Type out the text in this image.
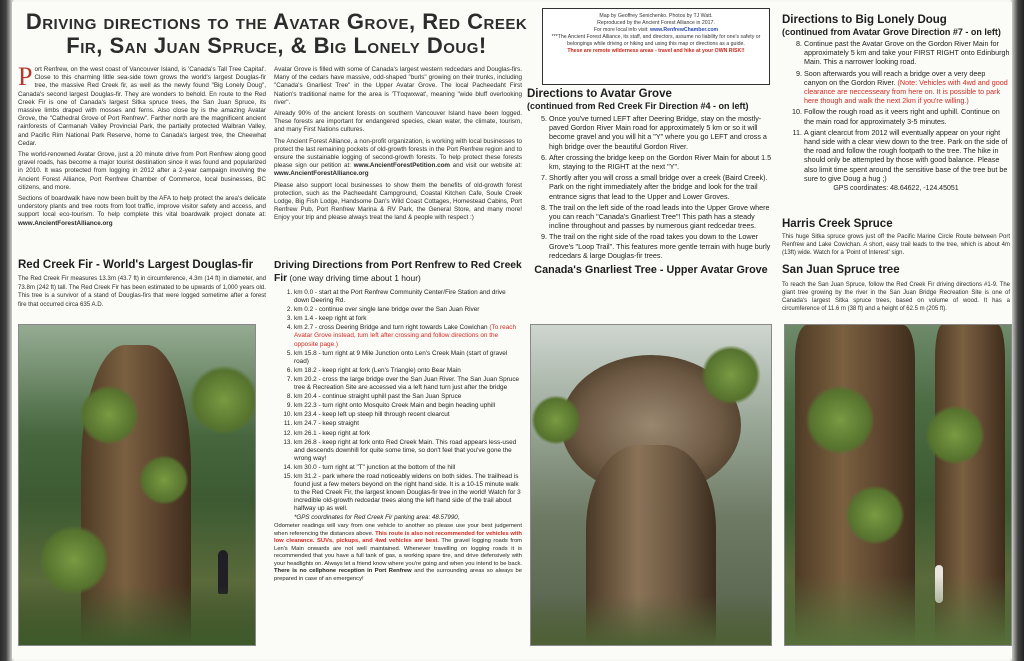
Driving directions to the Avatar Grove, Red Creek Fir, San Juan Spruce, & Big Lonely Doug!

Port Renfrew, on the west coast of Vancouver Island, is 'Canada's Tall Tree Capital'. Close to this charming little sea-side town grows the world's largest Douglas-fir tree, the massive Red Creek fir, as well as the newly found "Big Lonely Doug", Canada's second largest Douglas-fir. They are wonders to behold. En route to the Red Creek Fir is one of Canada's largest Sitka spruce trees, the San Juan Spruce, its massive limbs draped with mosses and ferns. Also close by is the amazing Avatar Grove, the "Cathedral Grove of Port Renfrew". Farther north are the magnificent ancient rainforests of Carmanah Valley Provincial Park, the partially protected Walbran Valley, and Pacific Rim National Park Reserve, home to Canada's largest tree, the Cheewhat Cedar.

The world-renowned Avatar Grove, just a 20 minute drive from Port Renfrew along good gravel roads, has become a major tourist destination since it was found and popularized in 2010. It was protected from logging in 2012 after a 2-year campaign involving the Ancient Forest Alliance, Port Renfrew Chamber of Commerce, local businesses, BC citizens, and more.

Sections of boardwalk have now been built by the AFA to help protect the area's delicate understory plants and tree roots from foot traffic, improve visitor safety and access, and support local eco-tourism. To help complete this vital boardwalk project donate at: www.AncientForestAlliance.org

Red Creek Fir - World's Largest Douglas-fir
The Red Creek Fir measures 13.3m (43.7 ft) in circumference, 4.3m (14 ft) in diameter, and 73.8m (242 ft) tall. The Red Creek Fir has been estimated to be upwards of 1,000 years old. This tree is a survivor of a stand of Douglas-firs that were logged sometime after a forest fire that occurred circa 635 A.D.

Avatar Grove is filled with some of Canada's largest western redcedars and Douglas-firs. Many of the cedars have massive, odd-shaped "burls" growing on their trunks, including "Canada's Gnarliest Tree" in the Upper Avatar Grove. The local Pacheedaht First Nation's traditional name for the area is 'T'l'oqwxwat', meaning "wide bluff overlooking river".

Already 90% of the ancient forests on southern Vancouver Island have been logged. These forests are important for endangered species, clean water, the climate, tourism, and many First Nations cultures.

The Ancient Forest Alliance, a non-profit organization, is working with local businesses to protect the last remaining pockets of old-growth forests in the Port Renfrew region and to ensure the sustainable logging of second-growth forests. To help protect these forests please sign our petition at: www.AncientForestPetition.com and visit our website at: www.AncientForestAlliance.org

Please also support local businesses to show them the benefits of old-growth forest protection, such as the Pacheedaht Campground, Coastal Kitchen Cafe, Soule Creek Lodge, Big Fish Lodge, Handsome Dan's Wild Coast Cottages, Homestead Cabins, Port Renfrew Pub, Port Renfrew Marina & RV Park, the General Store, and many more! Enjoy your trip and please always treat the land & people with respect :)

Driving Directions from Port Renfrew to Red Creek Fir (one way driving time about 1 hour)
1. km 0.0 - start at the Port Renfrew Community Center/Fire Station and drive down Deering Rd.
2. km 0.2 - continue over single lane bridge over the San Juan River
3. km 1.4 - keep right at fork
4. km 2.7 - cross Deering Bridge and turn right towards Lake Cowichan (To reach Avatar Grove instead, turn left after crossing and follow directions on the opposite page.)
5. km 15.8 - turn right at 9 Mile Junction onto Len's Creek Main (start of gravel road)
6. km 18.2 - keep right at fork (Len's Triangle) onto Bear Main
7. km 20.2 - cross the large bridge over the San Juan River. The San Juan Spruce tree & Recreation Site are accessed via a left hand turn just after the bridge
8. km 20.4 - continue straight uphill past the San Juan Spruce
9. km 22.3 - turn right onto Mosquito Creek Main and begin heading uphill
10. km 23.4 - keep left up steep hill through recent clearcut
11. km 24.7 - keep straight
12. km 26.1 - keep right at fork
13. km 26.8 - keep right at fork onto Red Creek Main. This road appears less-used and descends downhill for quite some time, so don't feel that you've gone the wrong way!
14. km 30.0 - turn right at "T" junction at the bottom of the hill
15. km 31.2 - park where the road noticeably widens on both sides. The trailhead is found just a few meters beyond on the right hand side. It is a 10-15 minute walk to the Red Creek Fir, the largest known Douglas-fir tree in the world! Watch for 3 incredible old-growth redcedar trees along the left hand side of the trail about halfway up as well.
*GPS coordinates for Red Creek Fir parking area: 48.57990,
Odometer readings will vary from one vehicle to another so please use your best judgement when referencing the distances above. This route is also not recommended for vehicles with low clearance. SUVs, pickups, and 4wd vehicles are best. The gravel logging roads from Len's Main onwards are not well maintained. Whenever travelling on logging roads it is recommended that you have a full tank of gas, a working spare tire, and drive defensively with your headlights on. Always let a friend know where you're going and when you intend to be back. There is no cellphone reception in Port Renfrew and the surrounding areas so always be prepared in case of an emergency!
Map by Geoffrey Senichenko. Photos by TJ Watt.
Reproduced by the Ancient Forest Alliance in 2017.
For more local info visit: www.RenfrewChamber.com
***The Ancient Forest Alliance, its staff, and directors, assume no liability for one's safety or belongings while driving or hiking and using this map or directions as a guide.
These are remote wilderness areas - travel and hike at your OWN RISK!!
Directions to Avatar Grove
(continued from Red Creek Fir Direction #4 - on left)
5. Once you've turned LEFT after Deering Bridge, stay on the mostly-paved Gordon River Main road for approximately 5 km or so it will become gravel and you will hit a "Y" where you go LEFT and cross a high bridge over the beautiful Gordon River.
6. After crossing the bridge keep on the Gordon River Main for about 1.5 km, staying to the RIGHT at the next "Y".
7. Shortly after you will cross a small bridge over a creek (Baird Creek). Park on the right immediately after the bridge and look for the trail entrance signs that lead to the Upper and Lower Groves.
8. The trail on the left side of the road leads into the Upper Grove where you can reach "Canada's Gnarliest Tree"! This path has a steady incline throughout and passes by numerous giant redcedar trees.
9. The trail on the right side of the road takes you down to the Lower Grove's "Loop Trail". This features more gentle terrain with huge burly redcedars & large Douglas-fir trees.
Canada's Gnarliest Tree - Upper Avatar Grove
Directions to Big Lonely Doug
(continued from Avatar Grove Direction #7 - on left)
8. Continue past the Avatar Grove on the Gordon River Main for approximately 5 km and take your FIRST RIGHT onto Edinburgh Main. This a narrower looking road.
9. Soon afterwards you will reach a bridge over a very deep canyon on the Gordon River. (Note: Vehicles with 4wd and good clearance are neccesseary from here on. It is possible to park here though and walk the next 2km if you're willing.)
10. Follow the rough road as it veers right and uphill. Continue on the main road for approximately 3-5 minutes.
11. A giant clearcut from 2012 will eventually appear on your right hand side with a clear view down to the tree. Park on the side of the road and follow the rough footpath to the tree. The hike in should only be attempted by those with good balance. Please also limit time spent around the sensitive base of the tree but be sure to give Doug a hug ;)
GPS coordinates: 48.64622, -124.45051
Harris Creek Spruce
This huge Sitka spruce grows just off the Pacific Marine Circle Route between Port Renfrew and Lake Cowichan. A short, easy trail leads to the tree, which is about 4m (13ft) wide. Watch for a 'Point of Interest' sign.
San Juan Spruce tree
To reach the San Juan Spruce, follow the Red Creek Fir driving directions #1-9. The giant tree growing by the river in the San Juan Bridge Recreation Site is one of Canada's largest Sitka spruce trees, based on volume of wood. It has a circumference of 11.6 m (38 ft) and a height of 62.5 m (205 ft).
